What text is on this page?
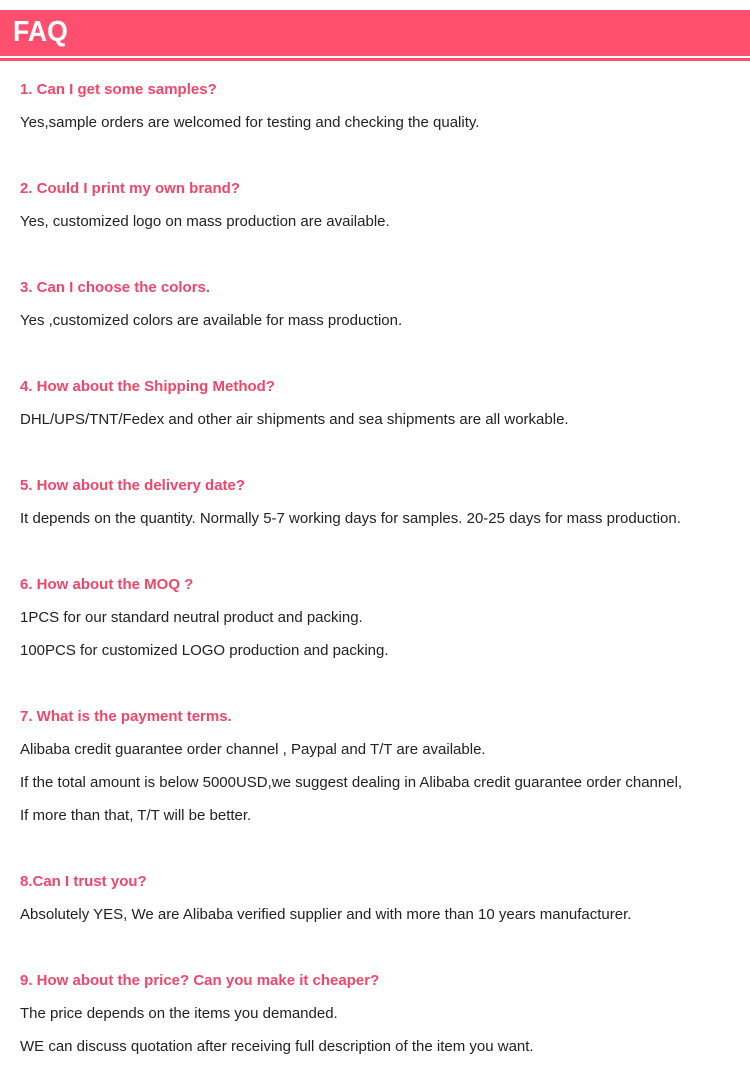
FAQ
1. Can I get some samples?
Yes,sample orders are welcomed for testing and checking the quality.
2. Could I print my own brand?
Yes, customized logo on mass production are available.
3. Can I choose the colors.
Yes ,customized colors are available for mass production.
4. How about the Shipping Method?
DHL/UPS/TNT/Fedex and other air shipments and sea shipments are all workable.
5. How about the delivery date?
It depends on the quantity. Normally 5-7 working days for samples. 20-25 days for mass production.
6. How about the MOQ ?
1PCS for our standard neutral product and packing.
100PCS for customized LOGO production and packing.
7. What is the payment terms.
Alibaba credit guarantee order channel , Paypal and T/T are available.
If the total amount is below 5000USD,we suggest dealing in Alibaba credit guarantee order channel,
If more than that, T/T will be better.
8.Can I trust you?
Absolutely YES, We are Alibaba verified supplier and with more than 10 years manufacturer.
9. How about the price? Can you make it cheaper?
The price depends on the items you demanded.
WE can discuss quotation after receiving full description of the item you want.
